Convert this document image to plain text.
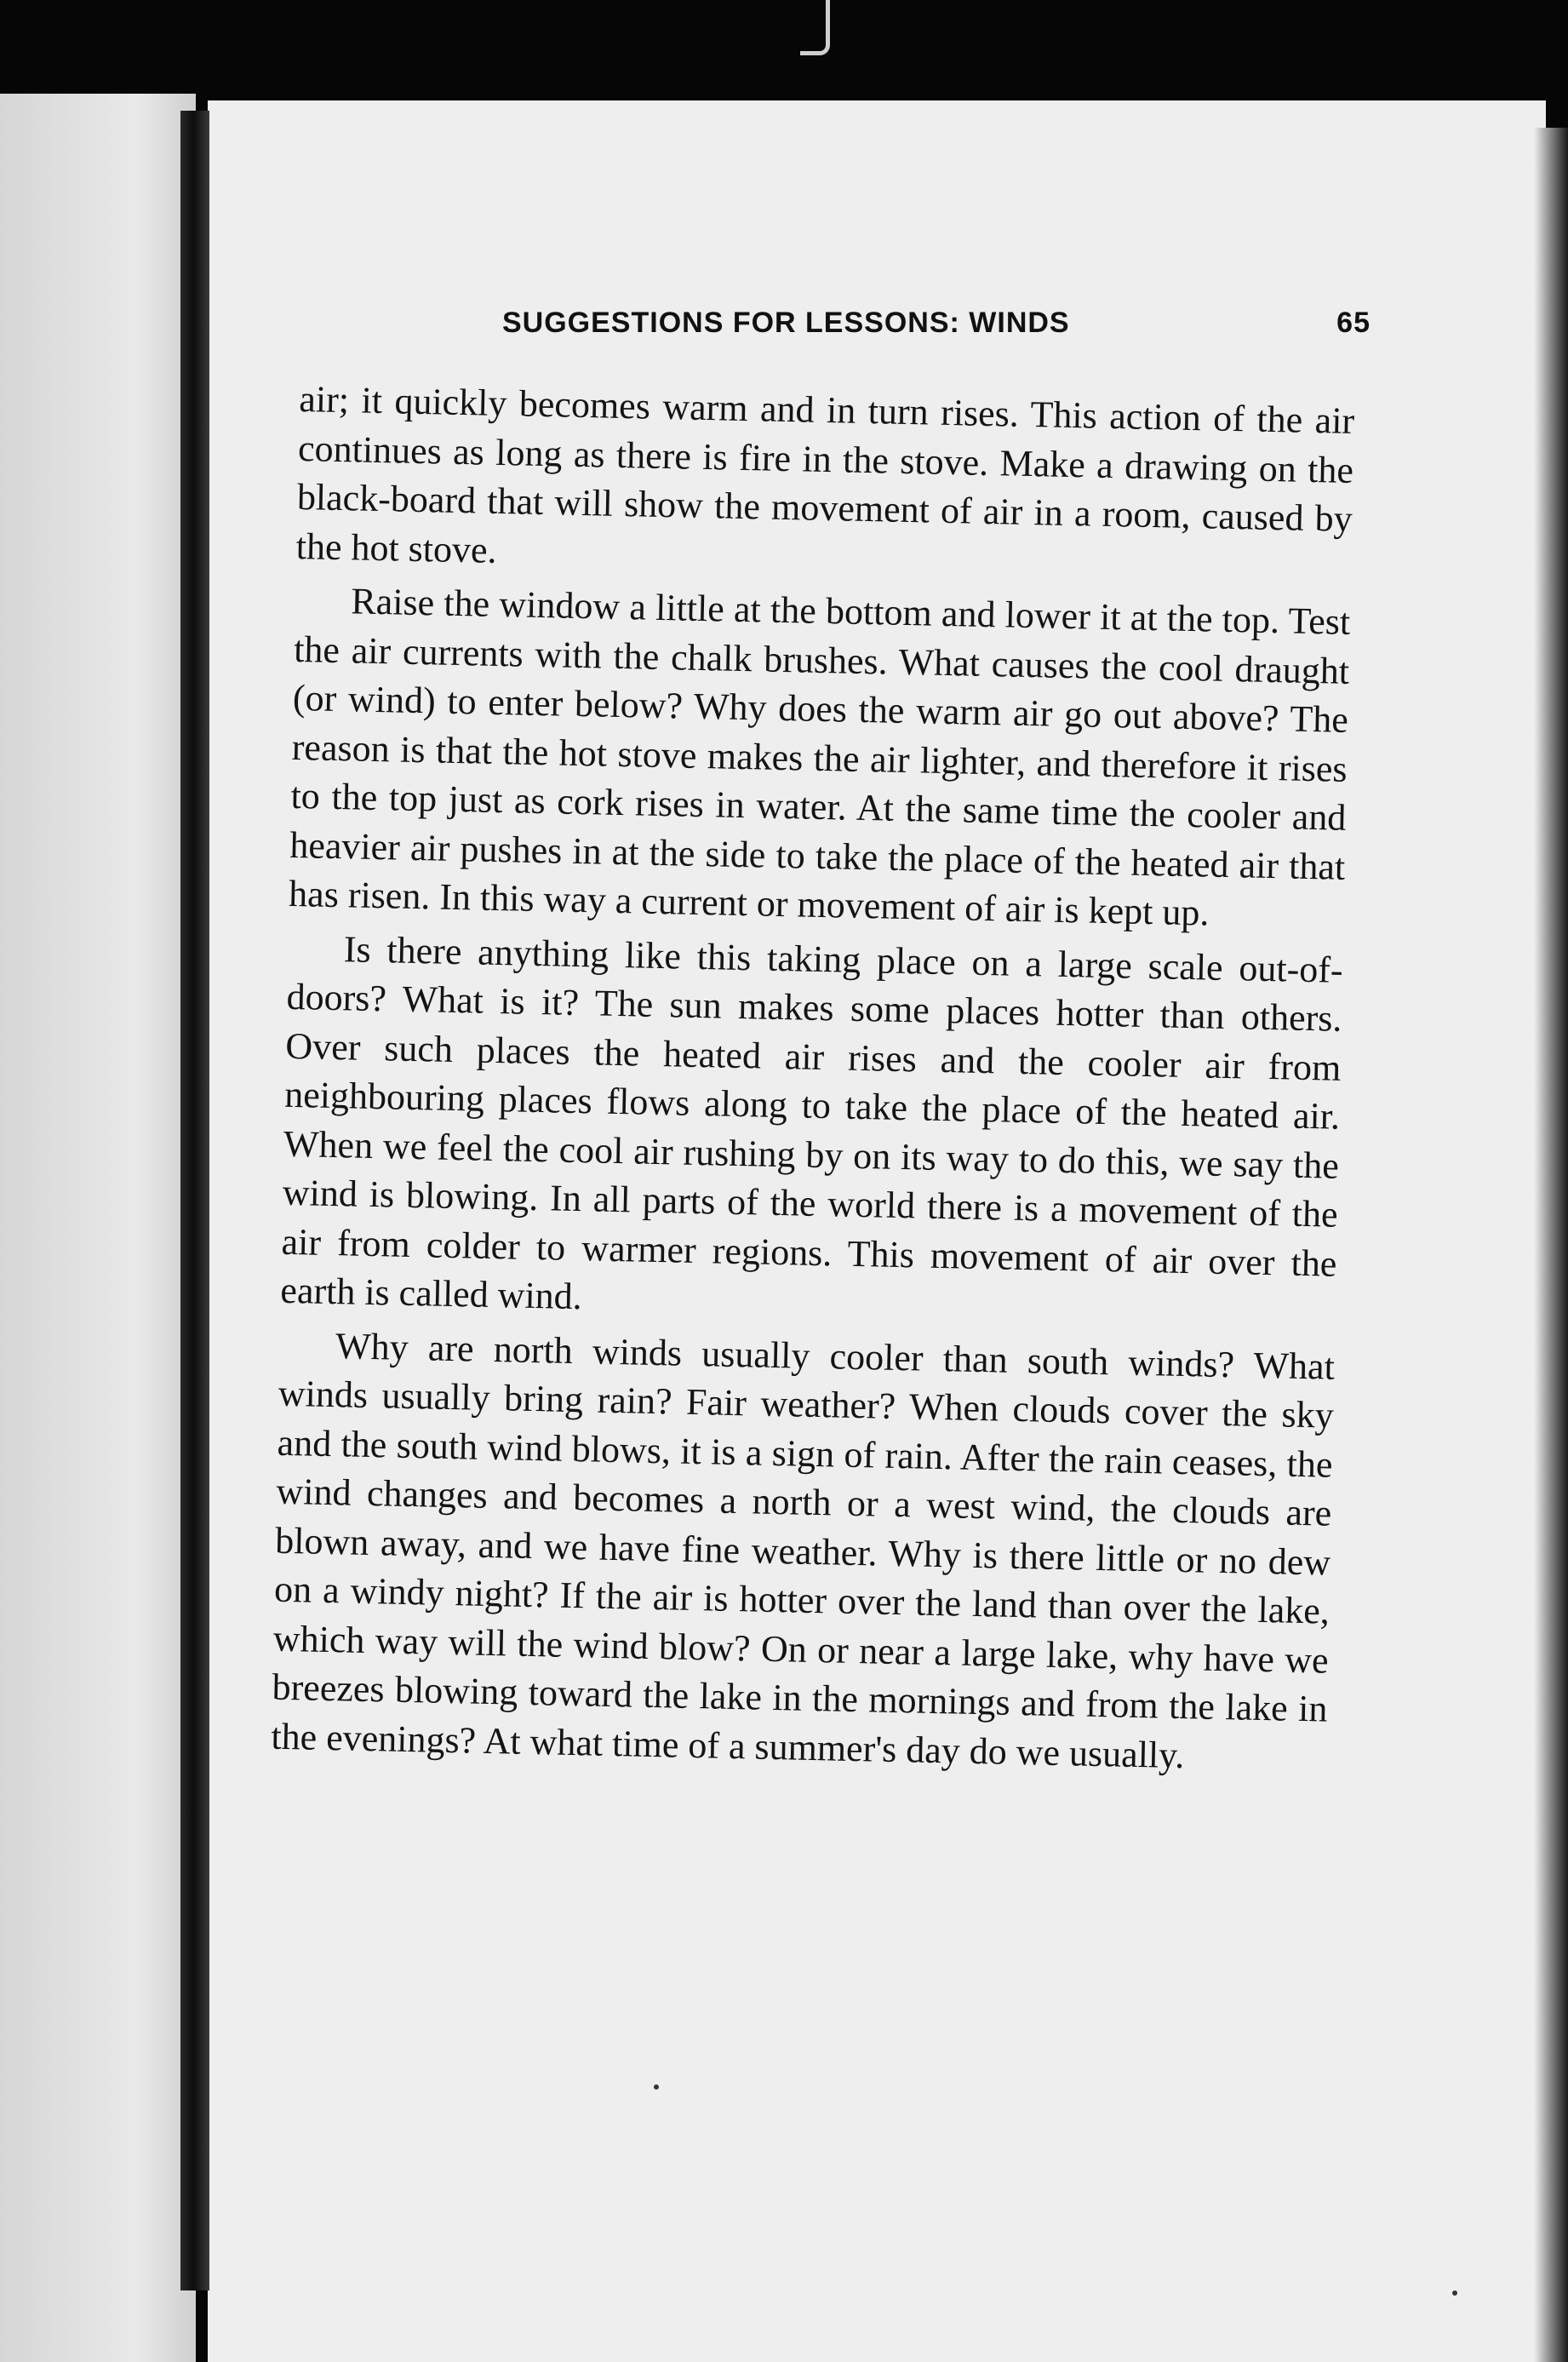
SUGGESTIONS FOR LESSONS: WINDS	65

air; it quickly becomes warm and in turn rises. This action of the air continues as long as there is fire in the stove. Make a drawing on the black-board that will show the movement of air in a room, caused by the hot stove.

Raise the window a little at the bottom and lower it at the top. Test the air currents with the chalk brushes. What causes the cool draught (or wind) to enter below? Why does the warm air go out above? The reason is that the hot stove makes the air lighter, and therefore it rises to the top just as cork rises in water. At the same time the cooler and heavier air pushes in at the side to take the place of the heated air that has risen. In this way a current or movement of air is kept up.

Is there anything like this taking place on a large scale out-of-doors? What is it? The sun makes some places hotter than others. Over such places the heated air rises and the cooler air from neighbouring places flows along to take the place of the heated air. When we feel the cool air rushing by on its way to do this, we say the wind is blowing. In all parts of the world there is a movement of the air from colder to warmer regions. This movement of air over the earth is called wind.

Why are north winds usually cooler than south winds? What winds usually bring rain? Fair weather? When clouds cover the sky and the south wind blows, it is a sign of rain. After the rain ceases, the wind changes and becomes a north or a west wind, the clouds are blown away, and we have fine weather. Why is there little or no dew on a windy night? If the air is hotter over the land than over the lake, which way will the wind blow? On or near a large lake, why have we breezes blowing toward the lake in the mornings and from the lake in the evenings? At what time of a summer's day do we usually.
